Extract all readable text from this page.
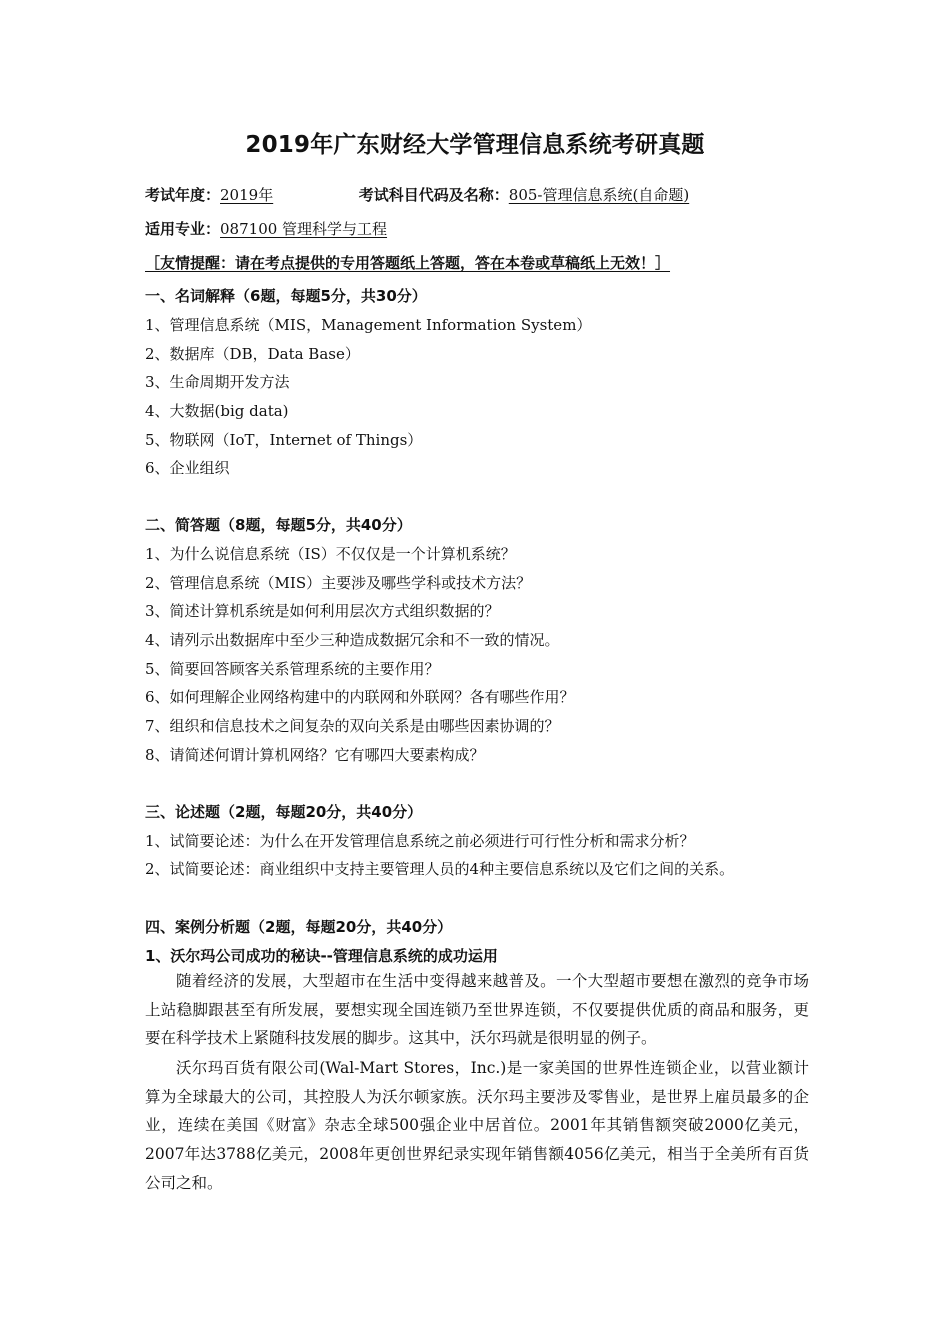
2019年广东财经大学管理信息系统考研真题
考试年度：2019年	考试科目代码及名称：805-管理信息系统(自命题)
适用专业：087100 管理科学与工程
［友情提醒：请在考点提供的专用答题纸上答题，答在本卷或草稿纸上无效！］
一、名词解释（6题，每题5分，共30分）
1、管理信息系统（MIS，Management Information System）
2、数据库（DB，Data Base）
3、生命周期开发方法
4、大数据(big data)
5、物联网（IoT，Internet of Things）
6、企业组织
二、简答题（8题，每题5分，共40分）
1、为什么说信息系统（IS）不仅仅是一个计算机系统？
2、管理信息系统（MIS）主要涉及哪些学科或技术方法？
3、简述计算机系统是如何利用层次方式组织数据的？
4、请列示出数据库中至少三种造成数据冗余和不一致的情况。
5、简要回答顾客关系管理系统的主要作用？
6、如何理解企业网络构建中的内联网和外联网？各有哪些作用？
7、组织和信息技术之间复杂的双向关系是由哪些因素协调的？
8、请简述何谓计算机网络？它有哪四大要素构成？
三、论述题（2题，每题20分，共40分）
1、试简要论述：为什么在开发管理信息系统之前必须进行可行性分析和需求分析？
2、试简要论述：商业组织中支持主要管理人员的4种主要信息系统以及它们之间的关系。
四、案例分析题（2题，每题20分，共40分）
1、沃尔玛公司成功的秘诀--管理信息系统的成功运用

随着经济的发展，大型超市在生活中变得越来越普及。一个大型超市要想在激烈的竞争市场上站稳脚跟甚至有所发展，要想实现全国连锁乃至世界连锁，不仅要提供优质的商品和服务，更要在科学技术上紧随科技发展的脚步。这其中，沃尔玛就是很明显的例子。

沃尔玛百货有限公司(Wal-Mart Stores，Inc.)是一家美国的世界性连锁企业，以营业额计算为全球最大的公司，其控股人为沃尔顿家族。沃尔玛主要涉及零售业，是世界上雇员最多的企业，连续在美国《财富》杂志全球500强企业中居首位。2001年其销售额突破2000亿美元，2007年达3788亿美元，2008年更创世界纪录实现年销售额4056亿美元，相当于全美所有百货公司之和。
